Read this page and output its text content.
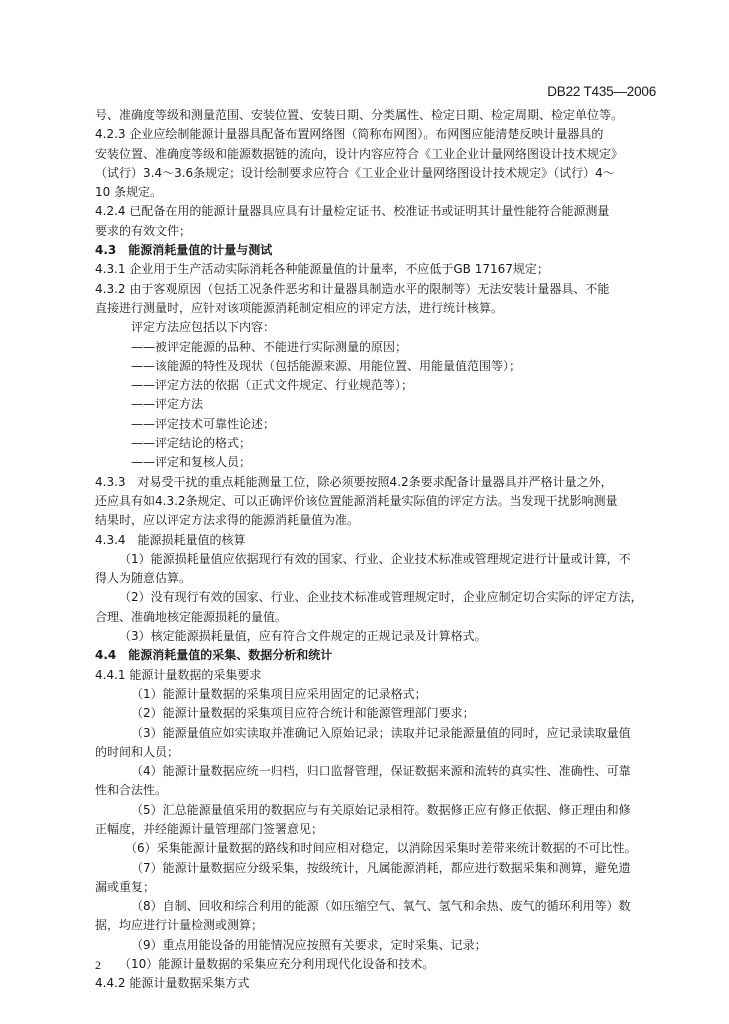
DB22 T435—2006
号、准确度等级和测量范围、安装位置、安装日期、分类属性、检定日期、检定周期、检定单位等。
4.2.3 企业应绘制能源计量器具配备布置网络图（简称布网图）。布网图应能清楚反映计量器具的
安装位置、准确度等级和能源数据链的流向，设计内容应符合《工业企业计量网络图设计技术规定》
（试行）3.4～3.6条规定；设计绘制要求应符合《工业企业计量网络图设计技术规定》（试行）4～
10 条规定。
4.2.4 已配备在用的能源计量器具应具有计量检定证书、校准证书或证明其计量性能符合能源测量
要求的有效文件；
4.3　能源消耗量值的计量与测试
4.3.1 企业用于生产活动实际消耗各种能源量值的计量率，不应低于GB 17167规定；
4.3.2 由于客观原因（包括工况条件恶劣和计量器具制造水平的限制等）无法安装计量器具、不能
直接进行测量时，应针对该项能源消耗制定相应的评定方法，进行统计核算。
评定方法应包括以下内容：
——被评定能源的品种、不能进行实际测量的原因；
——该能源的特性及现状（包括能源来源、用能位置、用能量值范围等）；
——评定方法的依据（正式文件规定、行业规范等）；
——评定方法
——评定技术可靠性论述；
——评定结论的格式；
——评定和复核人员；
4.3.3　对易受干扰的重点耗能测量工位，除必须要按照4.2条要求配备计量器具并严格计量之外，
还应具有如4.3.2条规定、可以正确评价该位置能源消耗量实际值的评定方法。当发现干扰影响测量
结果时，应以评定方法求得的能源消耗量值为准。
4.3.4　能源损耗量值的核算
（1）能源损耗量值应依据现行有效的国家、行业、企业技术标准或管理规定进行计量或计算，不
得人为随意估算。
（2）没有现行有效的国家、行业、企业技术标准或管理规定时，企业应制定切合实际的评定方法，
合理、准确地核定能源损耗的量值。
（3）核定能源损耗量值，应有符合文件规定的正规记录及计算格式。
4.4　能源消耗量值的采集、数据分析和统计
4.4.1 能源计量数据的采集要求
（1）能源计量数据的采集项目应采用固定的记录格式；
（2）能源计量数据的采集项目应符合统计和能源管理部门要求；
（3）能源量值应如实读取并准确记入原始记录；读取并记录能源量值的同时，应记录读取量值
的时间和人员；
（4）能源计量数据应统一归档，归口监督管理，保证数据来源和流转的真实性、准确性、可靠
性和合法性。
（5）汇总能源量值采用的数据应与有关原始记录相符。数据修正应有修正依据、修正理由和修
正幅度，并经能源计量管理部门签署意见；
（6）采集能源计量数据的路线和时间应相对稳定，以消除因采集时差带来统计数据的不可比性。
（7）能源计量数据应分级采集，按级统计，凡属能源消耗，都应进行数据采集和测算，避免遗
漏或重复；
（8）自制、回收和综合利用的能源（如压缩空气、氧气、氢气和余热、废气的循环利用等）数
据，均应进行计量检测或测算；
（9）重点用能设备的用能情况应按照有关要求，定时采集、记录；
（10）能源计量数据的采集应充分利用现代化设备和技术。
4.4.2 能源计量数据采集方式
2
